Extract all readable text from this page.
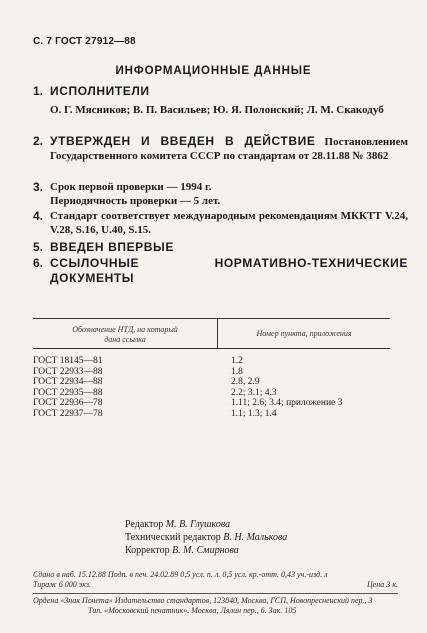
С. 7 ГОСТ 27912—88
ИНФОРМАЦИОННЫЕ ДАННЫЕ
1. ИСПОЛНИТЕЛИ
О. Г. Мясников; В. П. Васильев; Ю. Я. Полонский; Л. М. Скакодуб
2. УТВЕРЖДЕН И ВВЕДЕН В ДЕЙСТВИЕ Постановлением Государственного комитета СССР по стандартам от 28.11.88 № 3862
3. Срок первой проверки — 1994 г.
Периодичность проверки — 5 лет.
4. Стандарт соответствует международным рекомендациям МККТТ V.24, V.28, S.16, U.40, S.15.
5. ВВЕДЕН ВПЕРВЫЕ
6. ССЫЛОЧНЫЕ НОРМАТИВНО-ТЕХНИЧЕСКИЕ ДОКУМЕНТЫ
Обозначение НТД, на который
дана ссылка
Номер пункта, приложения
ГОСТ 18145—81	1.2
ГОСТ 22933—88	1.8
ГОСТ 22934—88	2.8, 2.9
ГОСТ 22935—88	2.2; 3.1; 4.3
ГОСТ 22936—78	1.11; 2.6; 3.4; приложение 3
ГОСТ 22937—78	1.1; 1.3; 1.4
Редактор М. В. Глушкова
Технический редактор В. Н. Малькова
Корректор В. М. Смирнова
Сдано в наб. 15.12.88 Подп. в печ. 24.02.89 0,5 усл. п. л. 0,5 усл. кр.-отт. 0,43 уч.-изд. л
Тираж 6 000 экз.	Цена 3 к.
Ордена «Знак Почета» Издательство стандартов, 123840, Москва, ГСП, Новопресненский пер., 3
Тип. «Московский печатник». Москва, Лялин пер., 6. Зак. 105
